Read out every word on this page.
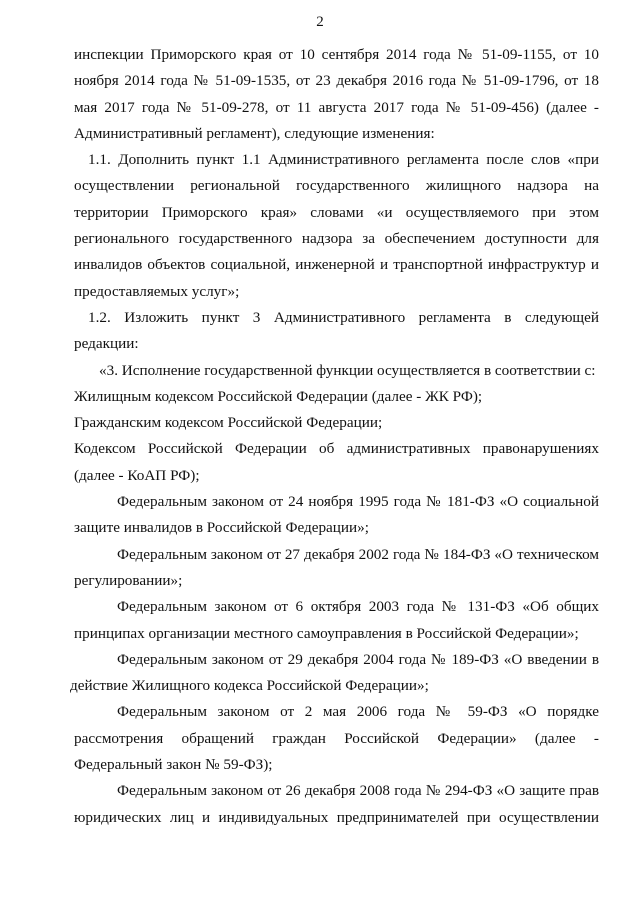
2
инспекции Приморского края от 10 сентября 2014 года № 51-09-1155, от 10
ноября 2014 года № 51-09-1535, от 23 декабря 2016 года № 51-09-1796, от 18
мая 2017 года № 51-09-278, от 11 августа 2017 года № 51-09-456) (далее -
Административный регламент), следующие изменения:
1.1. Дополнить пункт 1.1 Административного регламента после слов «при
осуществлении региональной государственного жилищного надзора на
территории Приморского края» словами «и осуществляемого при этом
регионального государственного надзора за обеспечением доступности для
инвалидов объектов социальной, инженерной и транспортной инфраструктур и
предоставляемых услуг»;
1.2. Изложить пункт 3 Административного регламента в следующей
редакции:
«3. Исполнение государственной функции осуществляется в соответствии с:
Жилищным кодексом Российской Федерации (далее - ЖК РФ);
Гражданским кодексом Российской Федерации;
Кодексом Российской Федерации об административных правонарушениях
(далее - КоАП РФ);
Федеральным законом от 24 ноября 1995 года № 181-ФЗ «О социальной
защите инвалидов в Российской Федерации»;
Федеральным законом от 27 декабря 2002 года № 184-ФЗ «О техническом
регулировании»;
Федеральным законом от 6 октября 2003 года № 131-ФЗ «Об общих
принципах организации местного самоуправления в Российской Федерации»;
Федеральным законом от 29 декабря 2004 года № 189-ФЗ «О введении в
действие Жилищного кодекса Российской Федерации»;
Федеральным законом от 2 мая 2006 года № 59-ФЗ «О порядке
рассмотрения обращений граждан Российской Федерации» (далее -
Федеральный закон № 59-ФЗ);
Федеральным законом от 26 декабря 2008 года № 294-ФЗ «О защите прав
юридических лиц и индивидуальных предпринимателей при осуществлении
